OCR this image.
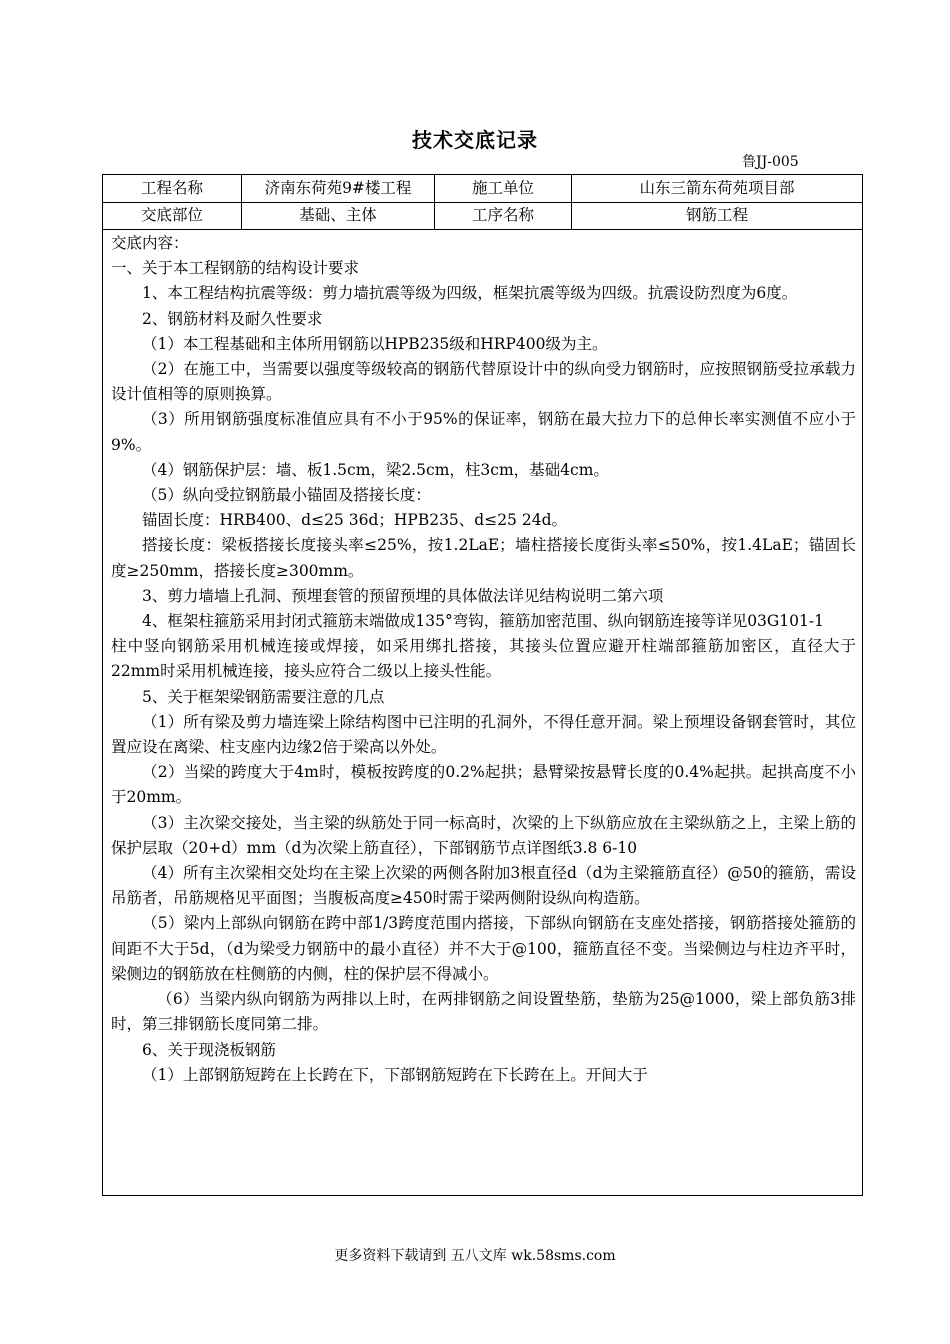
技术交底记录
鲁JJ-005
工程名称	济南东荷苑9#楼工程	施工单位	山东三箭东荷苑项目部
交底部位	基础、主体	工序名称	钢筋工程

交底内容：

一、关于本工程钢筋的结构设计要求

1、本工程结构抗震等级：剪力墙抗震等级为四级，框架抗震等级为四级。抗震设防烈度为6度。

2、钢筋材料及耐久性要求

（1）本工程基础和主体所用钢筋以HPB235级和HRP400级为主。

（2）在施工中，当需要以强度等级较高的钢筋代替原设计中的纵向受力钢筋时，应按照钢筋受拉承载力设计值相等的原则换算。

（3）所用钢筋强度标准值应具有不小于95%的保证率，钢筋在最大拉力下的总伸长率实测值不应小于9%。

（4）钢筋保护层：墙、板1.5cm，梁2.5cm，柱3cm，基础4cm。

（5）纵向受拉钢筋最小锚固及搭接长度：

锚固长度：HRB400、d≤25 36d；HPB235、d≤25 24d。

搭接长度：梁板搭接长度接头率≤25%，按1.2LaE；墙柱搭接长度街头率≤50%，按1.4LaE；锚固长度≥250mm，搭接长度≥300mm。

3、剪力墙墙上孔洞、预埋套管的预留预埋的具体做法详见结构说明二第六项

4、框架柱箍筋采用封闭式箍筋末端做成135°弯钩，箍筋加密范围、纵向钢筋连接等详见03G101-1

柱中竖向钢筋采用机械连接或焊接，如采用绑扎搭接，其接头位置应避开柱端部箍筋加密区，直径大于22mm时采用机械连接，接头应符合二级以上接头性能。

5、关于框架梁钢筋需要注意的几点

（1）所有梁及剪力墙连梁上除结构图中已注明的孔洞外，不得任意开洞。梁上预埋设备钢套管时，其位置应设在离梁、柱支座内边缘2倍于梁高以外处。

（2）当梁的跨度大于4m时，模板按跨度的0.2%起拱；悬臂梁按悬臂长度的0.4%起拱。起拱高度不小于20mm。

（3）主次梁交接处，当主梁的纵筋处于同一标高时，次梁的上下纵筋应放在主梁纵筋之上，主梁上筋的保护层取（20+d）mm（d为次梁上筋直径），下部钢筋节点详图纸3.8 6-10

（4）所有主次梁相交处均在主梁上次梁的两侧各附加3根直径d（d为主梁箍筋直径）@50的箍筋，需设吊筋者，吊筋规格见平面图；当腹板高度≥450时需于梁两侧附设纵向构造筋。

（5）梁内上部纵向钢筋在跨中部1/3跨度范围内搭接，下部纵向钢筋在支座处搭接，钢筋搭接处箍筋的间距不大于5d，（d为梁受力钢筋中的最小直径）并不大于@100，箍筋直径不变。当梁侧边与柱边齐平时，梁侧边的钢筋放在柱侧筋的内侧，柱的保护层不得减小。

（6）当梁内纵向钢筋为两排以上时，在两排钢筋之间设置垫筋，垫筋为25@1000，梁上部负筋3排时，第三排钢筋长度同第二排。

6、关于现浇板钢筋

（1）上部钢筋短跨在上长跨在下，下部钢筋短跨在下长跨在上。开间大于

更多资料下载请到 五八文库 wk.58sms.com
